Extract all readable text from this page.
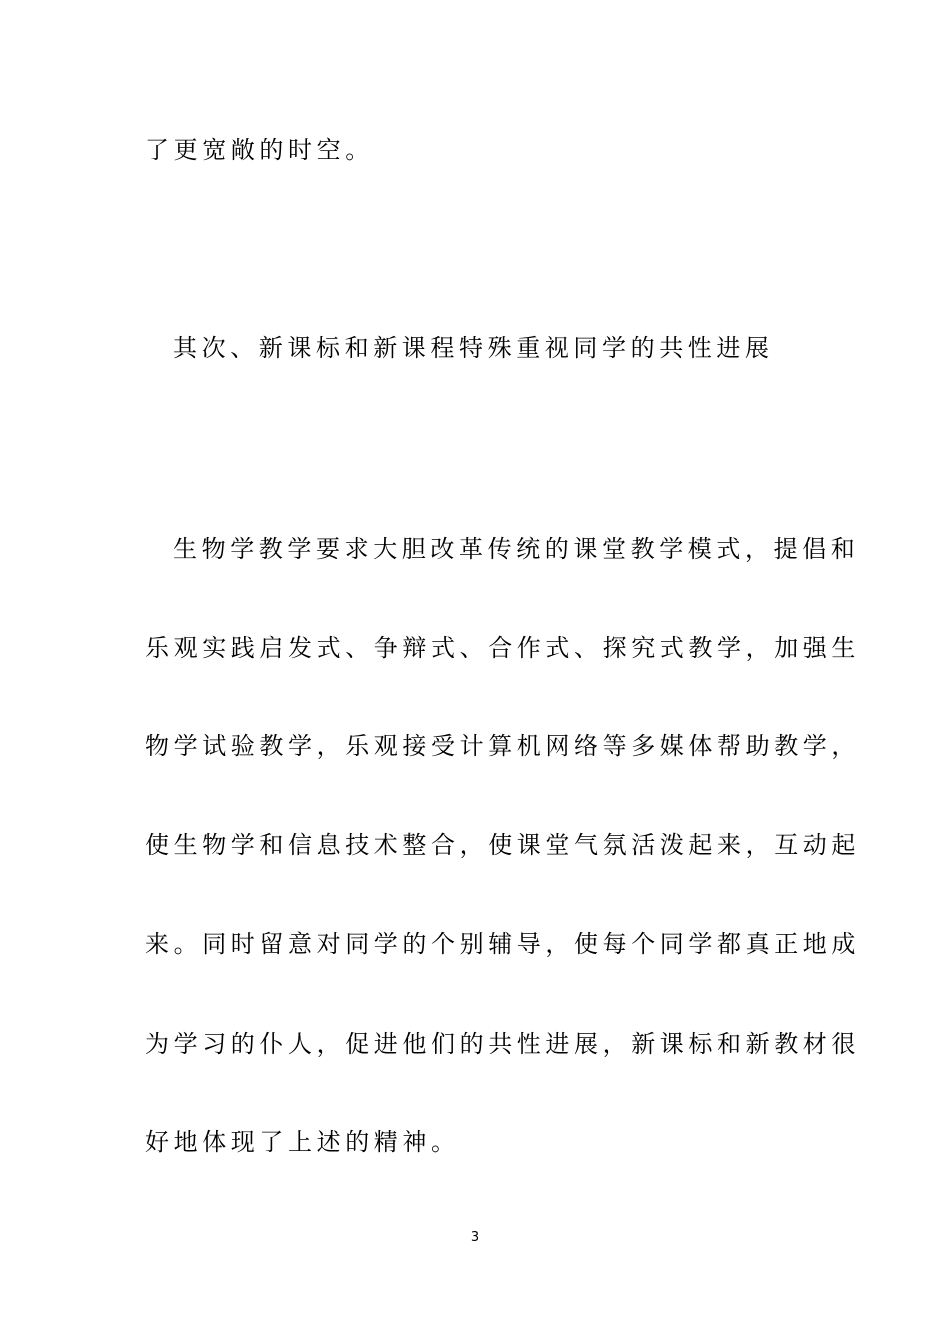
了更宽敞的时空。
其次、新课标和新课程特殊重视同学的共性进展
生物学教学要求大胆改革传统的课堂教学模式，提倡和
乐观实践启发式、争辩式、合作式、探究式教学，加强生
物学试验教学，乐观接受计算机网络等多媒体帮助教学，
使生物学和信息技术整合，使课堂气氛活泼起来，互动起
来。同时留意对同学的个别辅导，使每个同学都真正地成
为学习的仆人，促进他们的共性进展，新课标和新教材很
好地体现了上述的精神。
3
